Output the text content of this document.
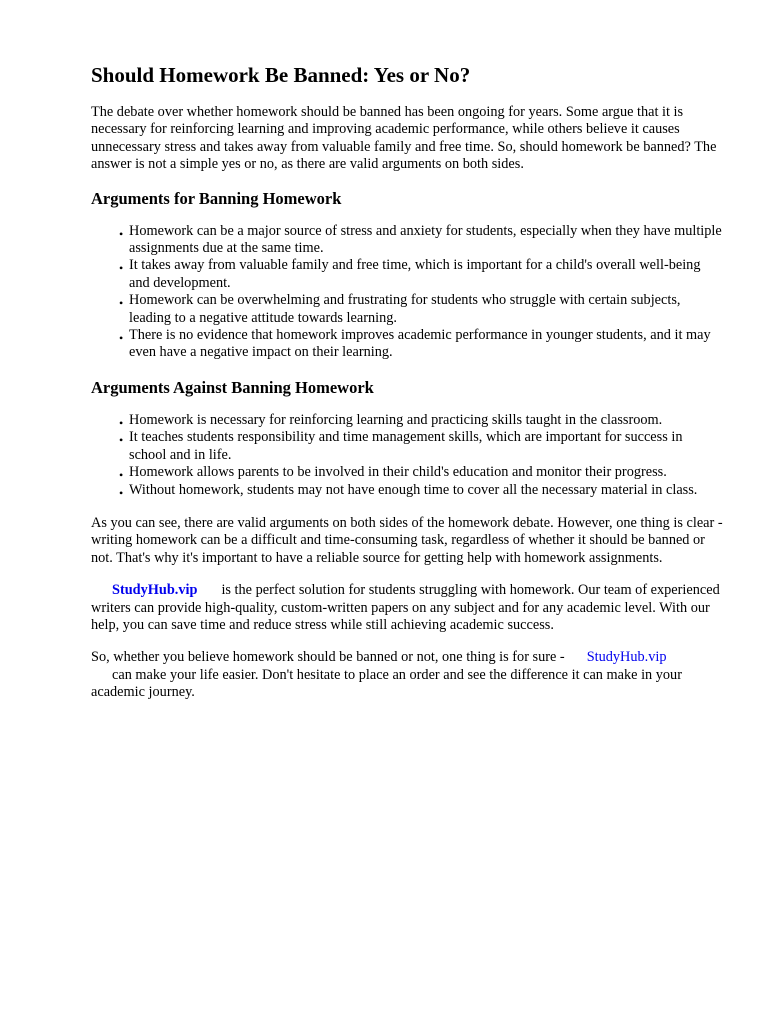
Should Homework Be Banned: Yes or No?

The debate over whether homework should be banned has been ongoing for years. Some argue that it is necessary for reinforcing learning and improving academic performance, while others believe it causes unnecessary stress and takes away from valuable family and free time. So, should homework be banned? The answer is not a simple yes or no, as there are valid arguments on both sides.

Arguments for Banning Homework
• Homework can be a major source of stress and anxiety for students, especially when they have multiple assignments due at the same time.
• It takes away from valuable family and free time, which is important for a child's overall well-being and development.
• Homework can be overwhelming and frustrating for students who struggle with certain subjects, leading to a negative attitude towards learning.
• There is no evidence that homework improves academic performance in younger students, and it may even have a negative impact on their learning.
Arguments Against Banning Homework
• Homework is necessary for reinforcing learning and practicing skills taught in the classroom.
• It teaches students responsibility and time management skills, which are important for success in school and in life.
• Homework allows parents to be involved in their child's education and monitor their progress.
• Without homework, students may not have enough time to cover all the necessary material in class.

As you can see, there are valid arguments on both sides of the homework debate. However, one thing is clear - writing homework can be a difficult and time-consuming task, regardless of whether it should be banned or not. That's why it's important to have a reliable source for getting help with homework assignments.

StudyHub.vip is the perfect solution for students struggling with homework. Our team of experienced writers can provide high-quality, custom-written papers on any subject and for any academic level. With our help, you can save time and reduce stress while still achieving academic success.

So, whether you believe homework should be banned or not, one thing is for sure - StudyHub.vip
can make your life easier. Don't hesitate to place an order and see the difference it can make in your academic journey.
